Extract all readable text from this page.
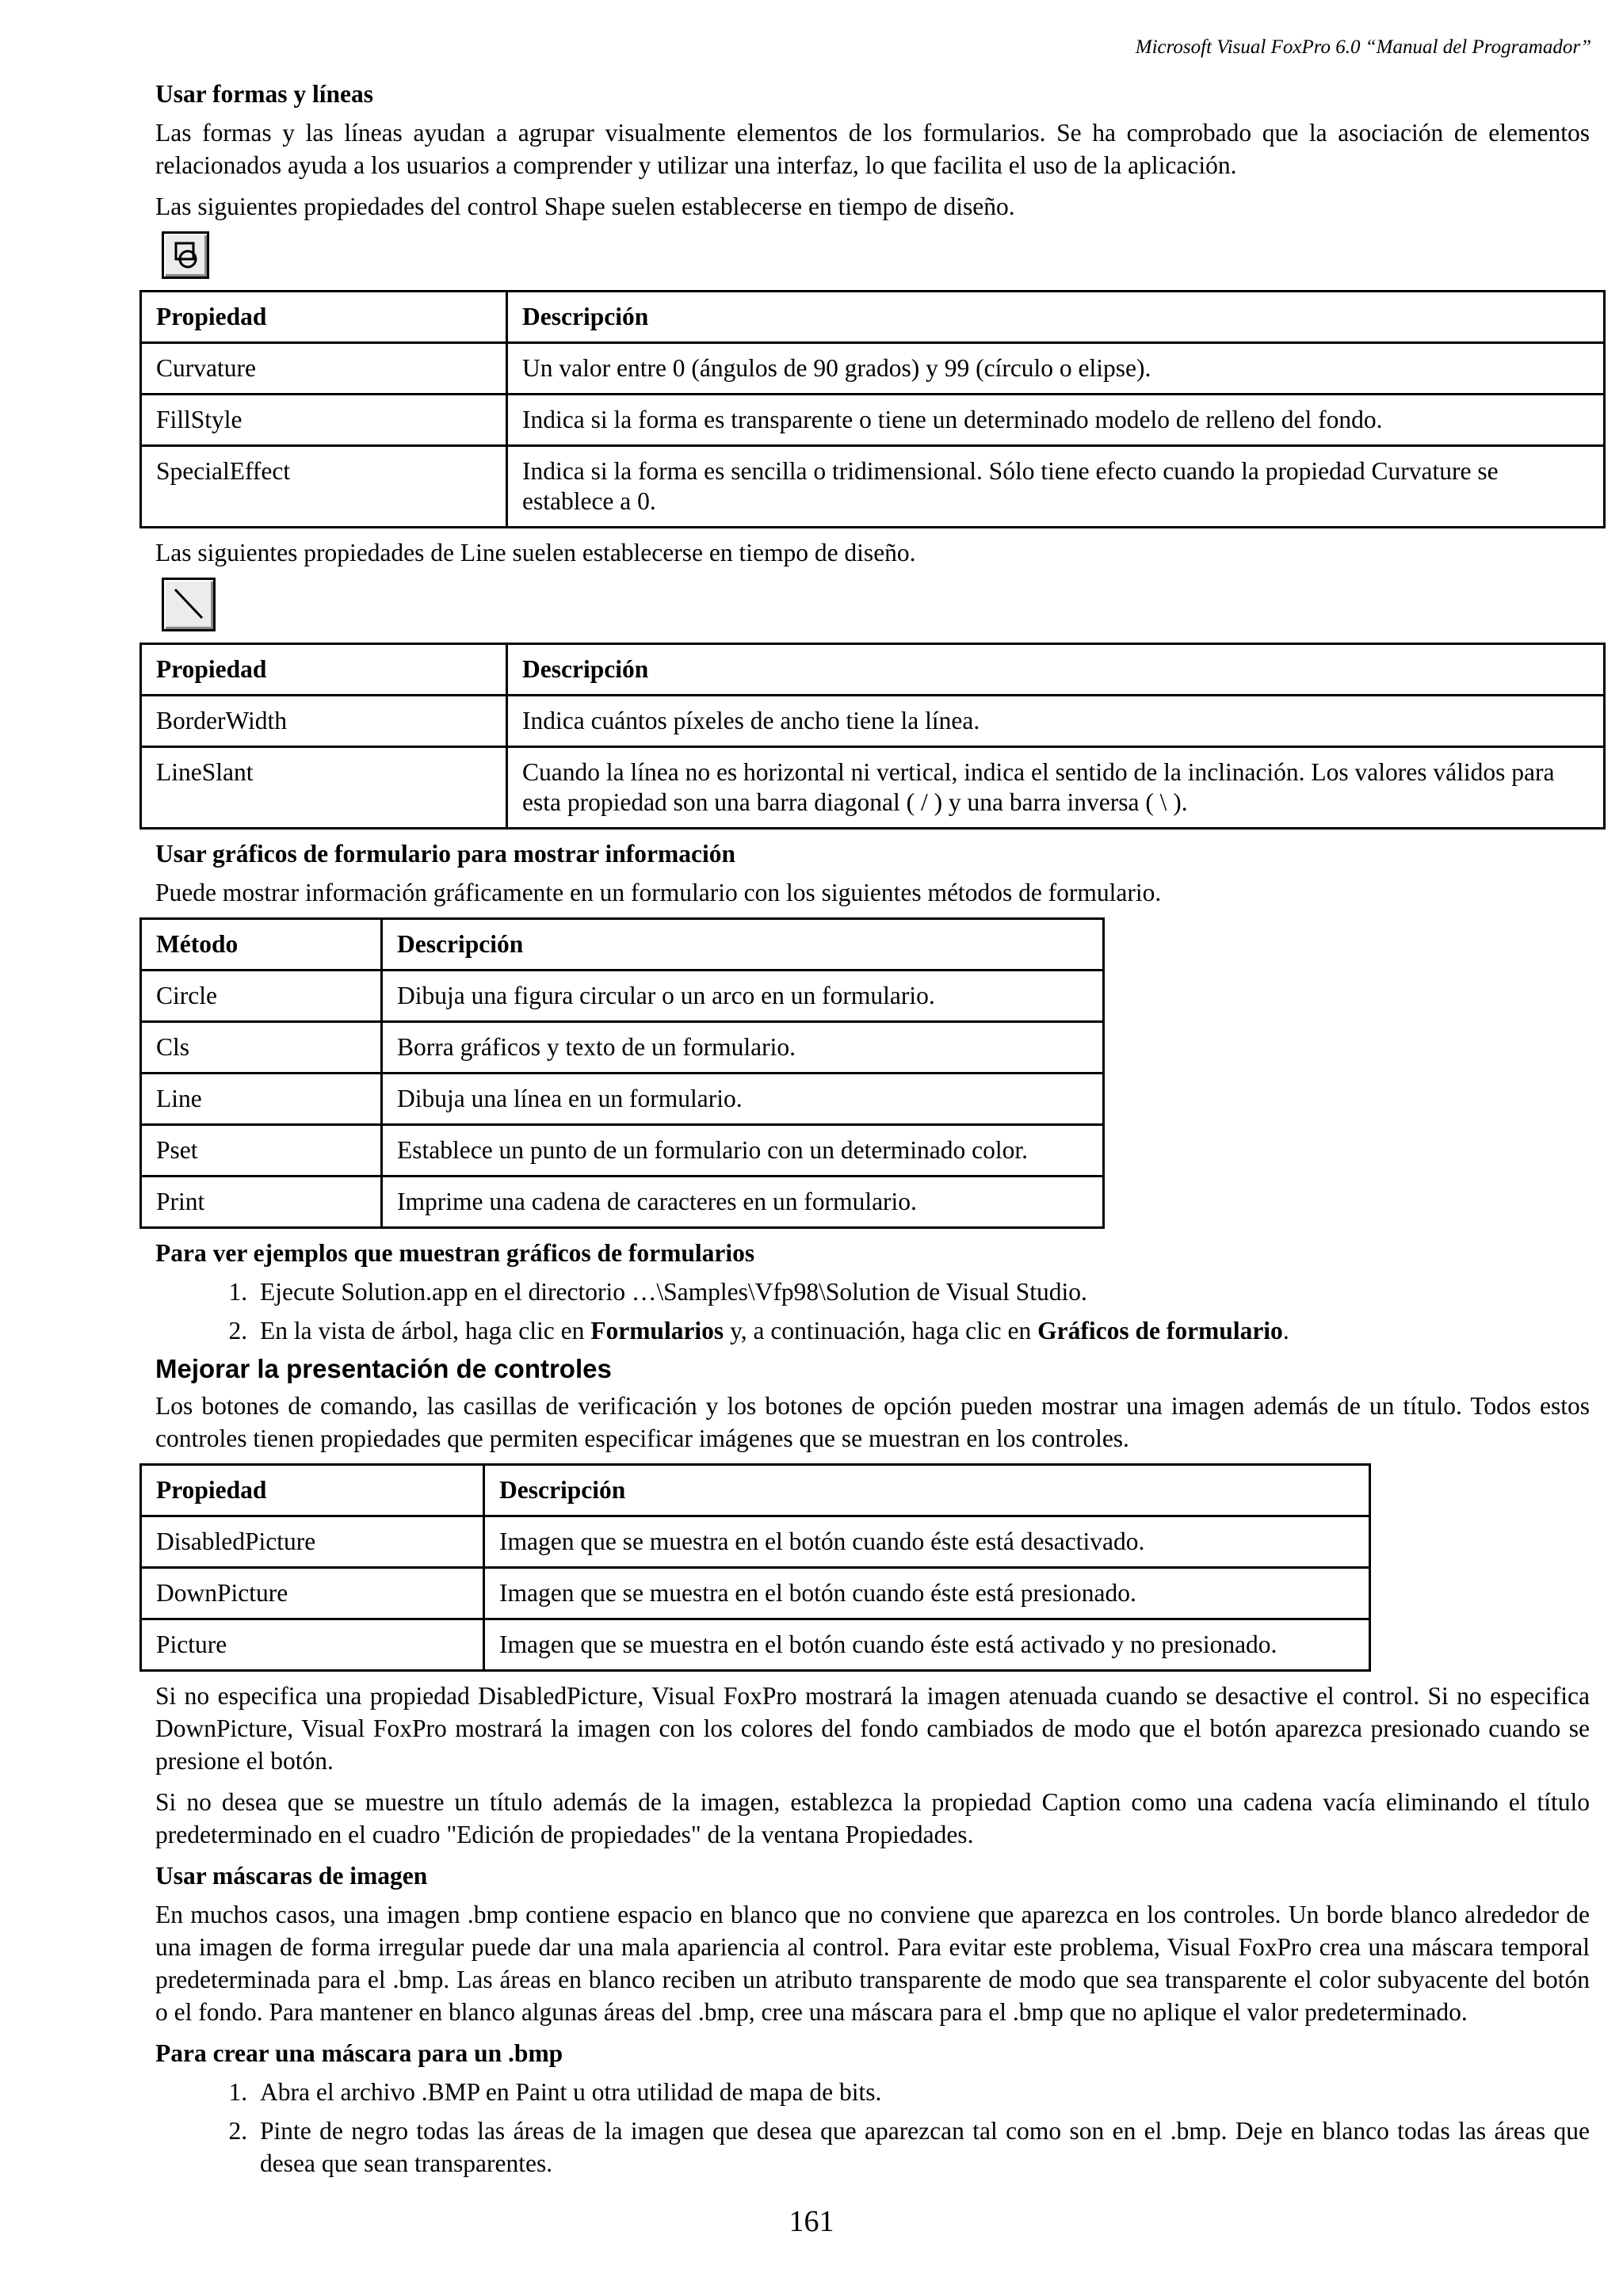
Microsoft Visual FoxPro 6.0 “Manual del Programador”
Usar formas y líneas

Las formas y las líneas ayudan a agrupar visualmente elementos de los formularios. Se ha comprobado que la asociación de elementos relacionados ayuda a los usuarios a comprender y utilizar una interfaz, lo que facilita el uso de la aplicación.

Las siguientes propiedades del control Shape suelen establecerse en tiempo de diseño.

Propiedad	Descripción
Curvature	Un valor entre 0 (ángulos de 90 grados) y 99 (círculo o elipse).
FillStyle	Indica si la forma es transparente o tiene un determinado modelo de relleno del fondo.
SpecialEffect	Indica si la forma es sencilla o tridimensional. Sólo tiene efecto cuando la propiedad Curvature se establece a 0.

Las siguientes propiedades de Line suelen establecerse en tiempo de diseño.

Propiedad	Descripción
BorderWidth	Indica cuántos píxeles de ancho tiene la línea.
LineSlant	Cuando la línea no es horizontal ni vertical, indica el sentido de la inclinación. Los valores válidos para esta propiedad son una barra diagonal ( / ) y una barra inversa ( \ ).
Usar gráficos de formulario para mostrar información

Puede mostrar información gráficamente en un formulario con los siguientes métodos de formulario.

Método	Descripción
Circle	Dibuja una figura circular o un arco en un formulario.
Cls	Borra gráficos y texto de un formulario.
Line	Dibuja una línea en un formulario.
Pset	Establece un punto de un formulario con un determinado color.
Print	Imprime una cadena de caracteres en un formulario.
Para ver ejemplos que muestran gráficos de formularios
1. Ejecute Solution.app en el directorio …\Samples\Vfp98\Solution de Visual Studio.
2. En la vista de árbol, haga clic en Formularios y, a continuación, haga clic en Gráficos de formulario.
Mejorar la presentación de controles

Los botones de comando, las casillas de verificación y los botones de opción pueden mostrar una imagen además de un título. Todos estos controles tienen propiedades que permiten especificar imágenes que se muestran en los controles.

Propiedad	Descripción
DisabledPicture	Imagen que se muestra en el botón cuando éste está desactivado.
DownPicture	Imagen que se muestra en el botón cuando éste está presionado.
Picture	Imagen que se muestra en el botón cuando éste está activado y no presionado.

Si no especifica una propiedad DisabledPicture, Visual FoxPro mostrará la imagen atenuada cuando se desactive el control. Si no especifica DownPicture, Visual FoxPro mostrará la imagen con los colores del fondo cambiados de modo que el botón aparezca presionado cuando se presione el botón.

Si no desea que se muestre un título además de la imagen, establezca la propiedad Caption como una cadena vacía eliminando el título predeterminado en el cuadro "Edición de propiedades" de la ventana Propiedades.

Usar máscaras de imagen

En muchos casos, una imagen .bmp contiene espacio en blanco que no conviene que aparezca en los controles. Un borde blanco alrededor de una imagen de forma irregular puede dar una mala apariencia al control. Para evitar este problema, Visual FoxPro crea una máscara temporal predeterminada para el .bmp. Las áreas en blanco reciben un atributo transparente de modo que sea transparente el color subyacente del botón o el fondo. Para mantener en blanco algunas áreas del .bmp, cree una máscara para el .bmp que no aplique el valor predeterminado.

Para crear una máscara para un .bmp
1. Abra el archivo .BMP en Paint u otra utilidad de mapa de bits.
2. Pinte de negro todas las áreas de la imagen que desea que aparezcan tal como son en el .bmp. Deje en blanco todas las áreas que desea que sean transparentes.
161
